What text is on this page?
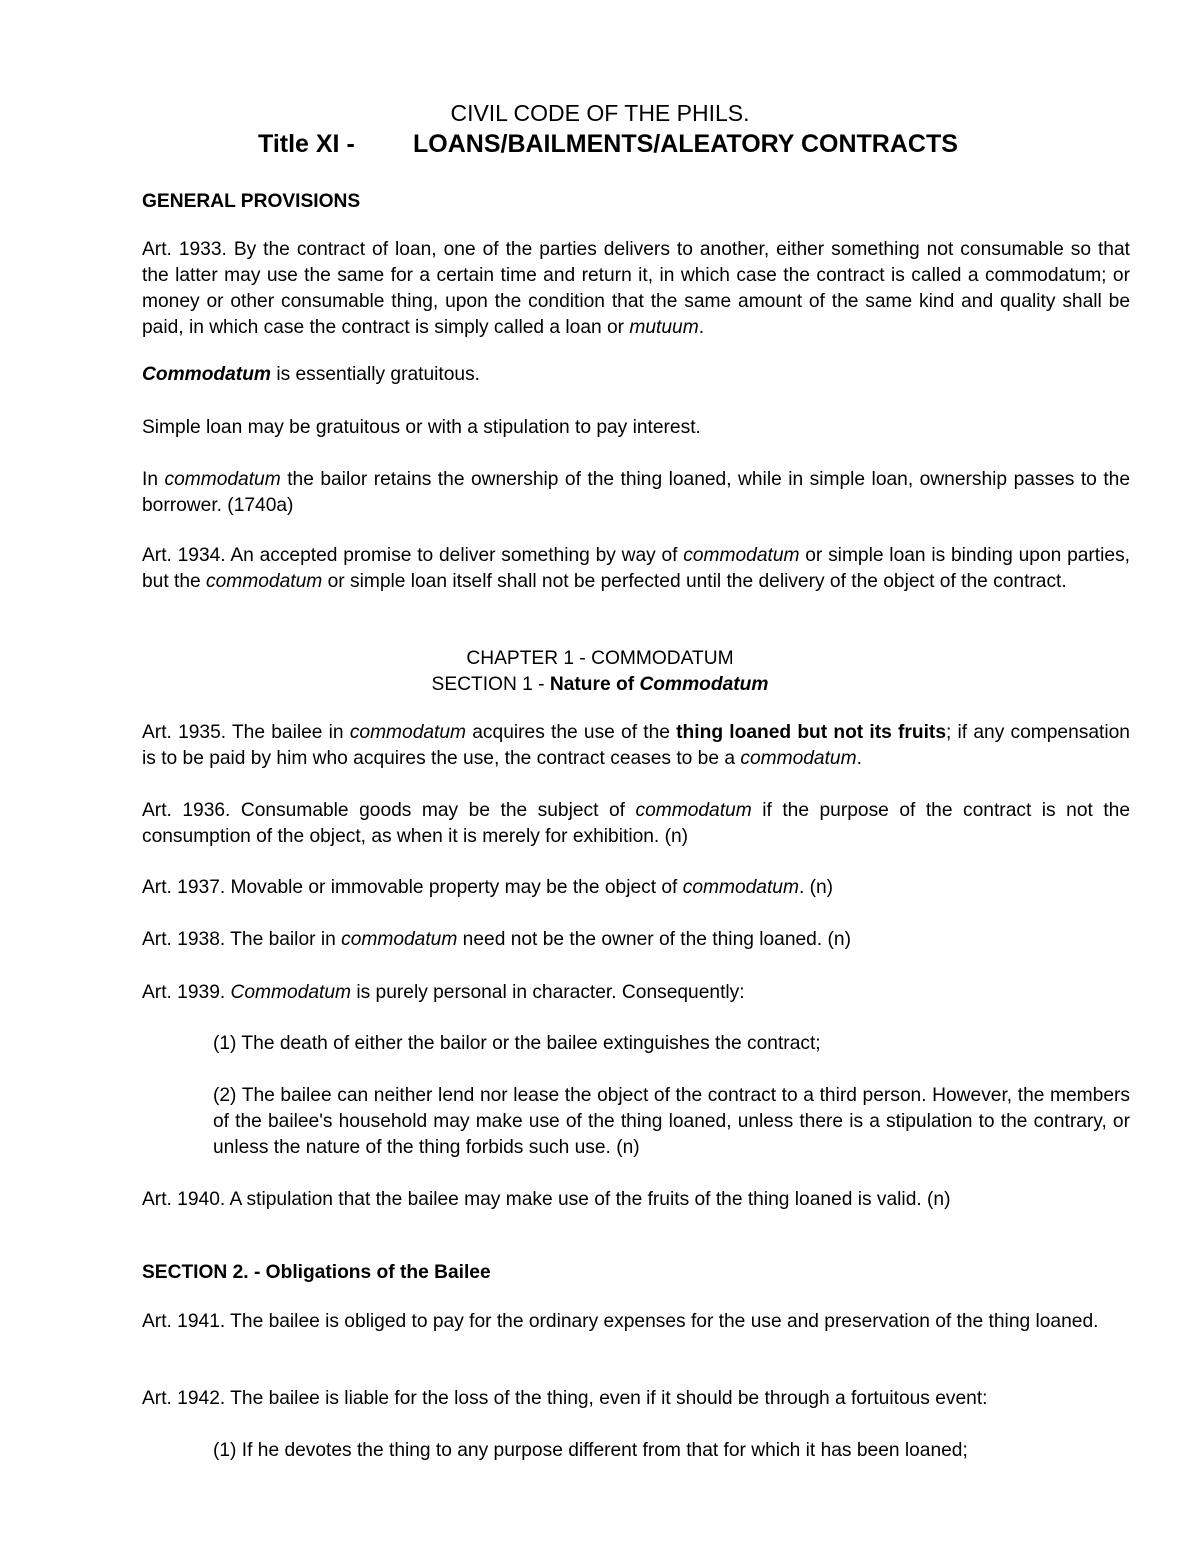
CIVIL CODE OF THE PHILS.
Title XI - LOANS/BAILMENTS/ALEATORY CONTRACTS
GENERAL PROVISIONS
Art. 1933. By the contract of loan, one of the parties delivers to another, either something not consumable so that the latter may use the same for a certain time and return it, in which case the contract is called a commodatum; or money or other consumable thing, upon the condition that the same amount of the same kind and quality shall be paid, in which case the contract is simply called a loan or mutuum.
Commodatum is essentially gratuitous.
Simple loan may be gratuitous or with a stipulation to pay interest.
In commodatum the bailor retains the ownership of the thing loaned, while in simple loan, ownership passes to the borrower. (1740a)
Art. 1934. An accepted promise to deliver something by way of commodatum or simple loan is binding upon parties, but the commodatum or simple loan itself shall not be perfected until the delivery of the object of the contract.
CHAPTER 1 - COMMODATUM
SECTION 1 - Nature of Commodatum
Art. 1935. The bailee in commodatum acquires the use of the thing loaned but not its fruits; if any compensation is to be paid by him who acquires the use, the contract ceases to be a commodatum.
Art. 1936. Consumable goods may be the subject of commodatum if the purpose of the contract is not the consumption of the object, as when it is merely for exhibition. (n)
Art. 1937. Movable or immovable property may be the object of commodatum. (n)
Art. 1938. The bailor in commodatum need not be the owner of the thing loaned. (n)
Art. 1939. Commodatum is purely personal in character. Consequently:
(1) The death of either the bailor or the bailee extinguishes the contract;
(2) The bailee can neither lend nor lease the object of the contract to a third person. However, the members of the bailee's household may make use of the thing loaned, unless there is a stipulation to the contrary, or unless the nature of the thing forbids such use. (n)
Art. 1940. A stipulation that the bailee may make use of the fruits of the thing loaned is valid. (n)
SECTION 2. - Obligations of the Bailee
Art. 1941. The bailee is obliged to pay for the ordinary expenses for the use and preservation of the thing loaned.
Art. 1942. The bailee is liable for the loss of the thing, even if it should be through a fortuitous event:
(1) If he devotes the thing to any purpose different from that for which it has been loaned;
